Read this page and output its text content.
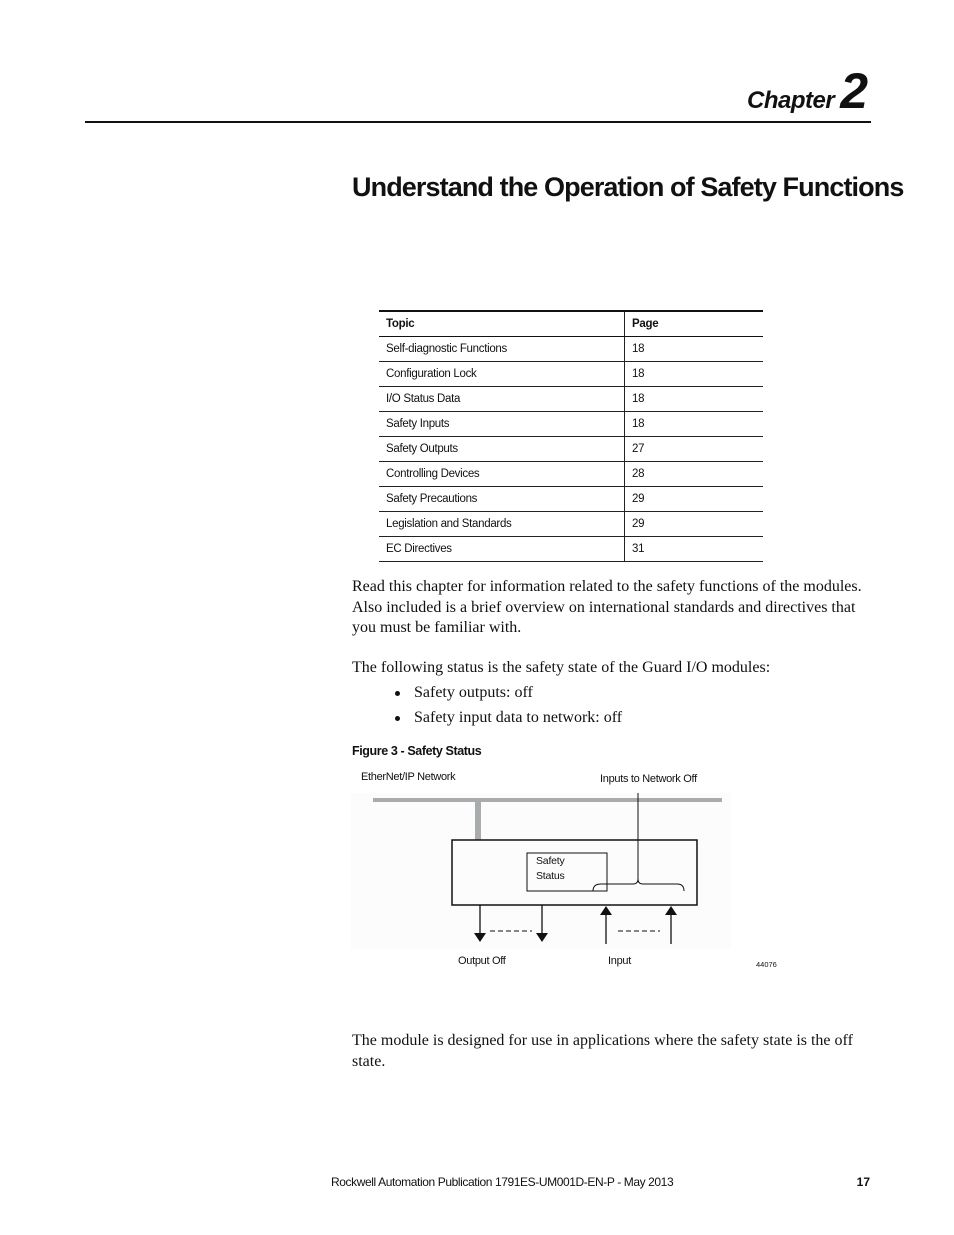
Chapter 2
Understand the Operation of Safety Functions
Topic	Page
Self-diagnostic Functions	18
Configuration Lock	18
I/O Status Data	18
Safety Inputs	18
Safety Outputs	27
Controlling Devices	28
Safety Precautions	29
Legislation and Standards	29
EC Directives	31

Read this chapter for information related to the safety functions of the modules. Also included is a brief overview on international standards and directives that you must be familiar with.

The following status is the safety state of the Guard I/O modules:

Safety outputs: off
Safety input data to network: off

Figure 3 - Safety Status

EtherNet/IP Network	Inputs to Network Off
Safety
Status
Output Off	Input	44076

The module is designed for use in applications where the safety state is the off state.

Rockwell Automation Publication 1791ES-UM001D-EN-P - May 2013	17
